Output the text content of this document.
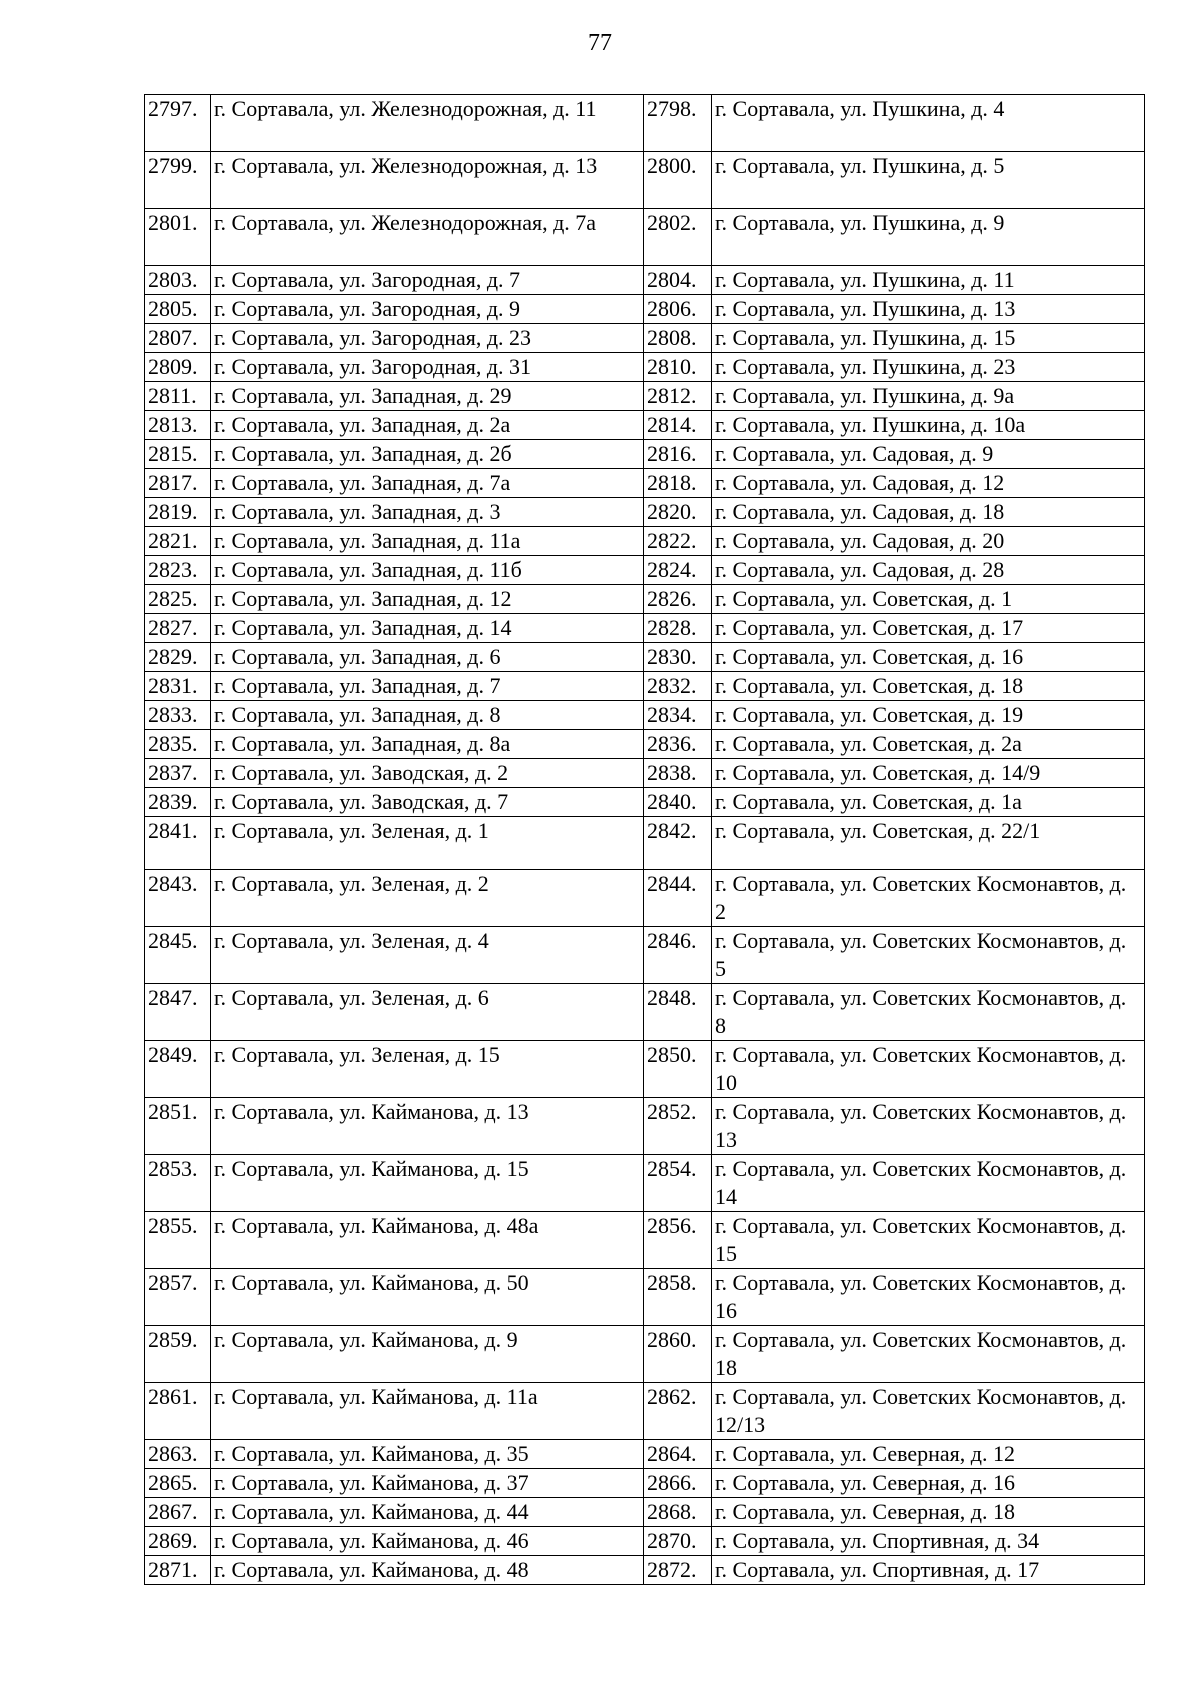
77
2797.	г. Сортавала, ул. Железнодорожная, д. 11	2798.	г. Сортавала, ул. Пушкина, д. 4
2799.	г. Сортавала, ул. Железнодорожная, д. 13	2800.	г. Сортавала, ул. Пушкина, д. 5
2801.	г. Сортавала, ул. Железнодорожная, д. 7а	2802.	г. Сортавала, ул. Пушкина, д. 9
2803.	г. Сортавала, ул. Загородная, д. 7	2804.	г. Сортавала, ул. Пушкина, д. 11
2805.	г. Сортавала, ул. Загородная, д. 9	2806.	г. Сортавала, ул. Пушкина, д. 13
2807.	г. Сортавала, ул. Загородная, д. 23	2808.	г. Сортавала, ул. Пушкина, д. 15
2809.	г. Сортавала, ул. Загородная, д. 31	2810.	г. Сортавала, ул. Пушкина, д. 23
2811.	г. Сортавала, ул. Западная, д. 29	2812.	г. Сортавала, ул. Пушкина, д. 9а
2813.	г. Сортавала, ул. Западная, д. 2а	2814.	г. Сортавала, ул. Пушкина, д. 10а
2815.	г. Сортавала, ул. Западная, д. 2б	2816.	г. Сортавала, ул. Садовая, д. 9
2817.	г. Сортавала, ул. Западная, д. 7а	2818.	г. Сортавала, ул. Садовая, д. 12
2819.	г. Сортавала, ул. Западная, д. 3	2820.	г. Сортавала, ул. Садовая, д. 18
2821.	г. Сортавала, ул. Западная, д. 11а	2822.	г. Сортавала, ул. Садовая, д. 20
2823.	г. Сортавала, ул. Западная, д. 11б	2824.	г. Сортавала, ул. Садовая, д. 28
2825.	г. Сортавала, ул. Западная, д. 12	2826.	г. Сортавала, ул. Советская, д. 1
2827.	г. Сортавала, ул. Западная, д. 14	2828.	г. Сортавала, ул. Советская, д. 17
2829.	г. Сортавала, ул. Западная, д. 6	2830.	г. Сортавала, ул. Советская, д. 16
2831.	г. Сортавала, ул. Западная, д. 7	2832.	г. Сортавала, ул. Советская, д. 18
2833.	г. Сортавала, ул. Западная, д. 8	2834.	г. Сортавала, ул. Советская, д. 19
2835.	г. Сортавала, ул. Западная, д. 8а	2836.	г. Сортавала, ул. Советская, д. 2а
2837.	г. Сортавала, ул. Заводская, д. 2	2838.	г. Сортавала, ул. Советская, д. 14/9
2839.	г. Сортавала, ул. Заводская, д. 7	2840.	г. Сортавала, ул. Советская, д. 1а
2841.	г. Сортавала, ул. Зеленая, д. 1	2842.	г. Сортавала, ул. Советская, д. 22/1
2843.	г. Сортавала, ул. Зеленая, д. 2	2844.	г. Сортавала, ул. Советских Космонавтов, д. 2
2845.	г. Сортавала, ул. Зеленая, д. 4	2846.	г. Сортавала, ул. Советских Космонавтов, д. 5
2847.	г. Сортавала, ул. Зеленая, д. 6	2848.	г. Сортавала, ул. Советских Космонавтов, д. 8
2849.	г. Сортавала, ул. Зеленая, д. 15	2850.	г. Сортавала, ул. Советских Космонавтов, д. 10
2851.	г. Сортавала, ул. Кайманова, д. 13	2852.	г. Сортавала, ул. Советских Космонавтов, д. 13
2853.	г. Сортавала, ул. Кайманова, д. 15	2854.	г. Сортавала, ул. Советских Космонавтов, д. 14
2855.	г. Сортавала, ул. Кайманова, д. 48а	2856.	г. Сортавала, ул. Советских Космонавтов, д. 15
2857.	г. Сортавала, ул. Кайманова, д. 50	2858.	г. Сортавала, ул. Советских Космонавтов, д. 16
2859.	г. Сортавала, ул. Кайманова, д. 9	2860.	г. Сортавала, ул. Советских Космонавтов, д. 18
2861.	г. Сортавала, ул. Кайманова, д. 11а	2862.	г. Сортавала, ул. Советских Космонавтов, д. 12/13
2863.	г. Сортавала, ул. Кайманова, д. 35	2864.	г. Сортавала, ул. Северная, д. 12
2865.	г. Сортавала, ул. Кайманова, д. 37	2866.	г. Сортавала, ул. Северная, д. 16
2867.	г. Сортавала, ул. Кайманова, д. 44	2868.	г. Сортавала, ул. Северная, д. 18
2869.	г. Сортавала, ул. Кайманова, д. 46	2870.	г. Сортавала, ул. Спортивная, д. 34
2871.	г. Сортавала, ул. Кайманова, д. 48	2872.	г. Сортавала, ул. Спортивная, д. 17
